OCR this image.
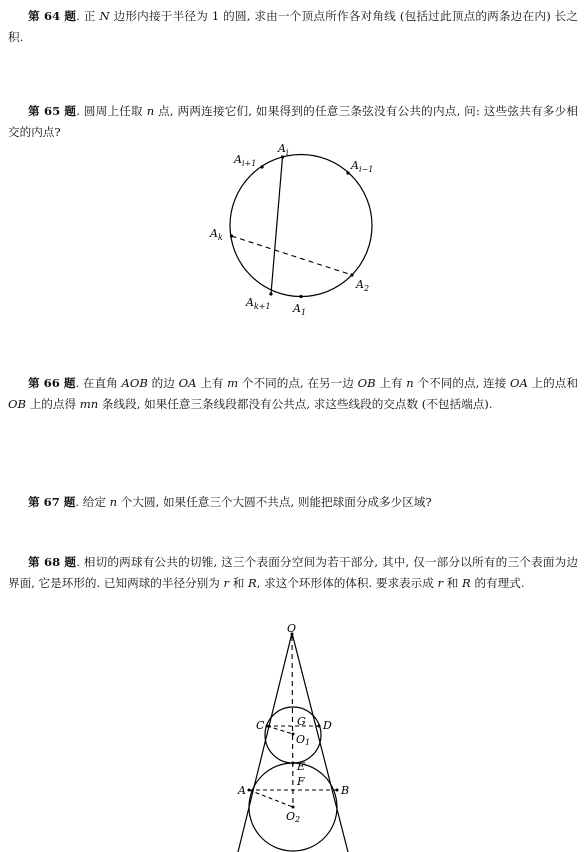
第 64 题. 正 N 边形内接于半径为 1 的圆, 求由一个顶点所作各对角线 (包括过此顶点的两条边在内) 长之积.
第 65 题. 圆周上任取 n 点, 两两连接它们, 如果得到的任意三条弦没有公共的内点, 问: 这些弦共有多少相交的内点?
$A_i$
$A_{i+1}$	$A_{i-1}$
$A_k$
$A_{k+1}$ $A_1$
$A_2$
第 66 题. 在直角 AOB 的边 OA 上有 m 个不同的点, 在另一边 OB 上有 n 个不同的点, 连接 OA 上的点和 OB 上的点得 mn 条线段, 如果任意三条线段都没有公共点, 求这些线段的交点数 (不包括端点).
第 67 题. 给定 n 个大圆, 如果任意三个大圆不共点, 则能把球面分成多少区域?
第 68 题. 相切的两球有公共的切锥, 这三个表面分空间为若干部分, 其中, 仅一部分以所有的三个表面为边界面, 它是环形的. 已知两球的半径分别为 r 和 R, 求这个环形体的体积. 要求表示成 r 和 R 的有理式.
O
C	D
G
O1
E
F
A	B
O2
